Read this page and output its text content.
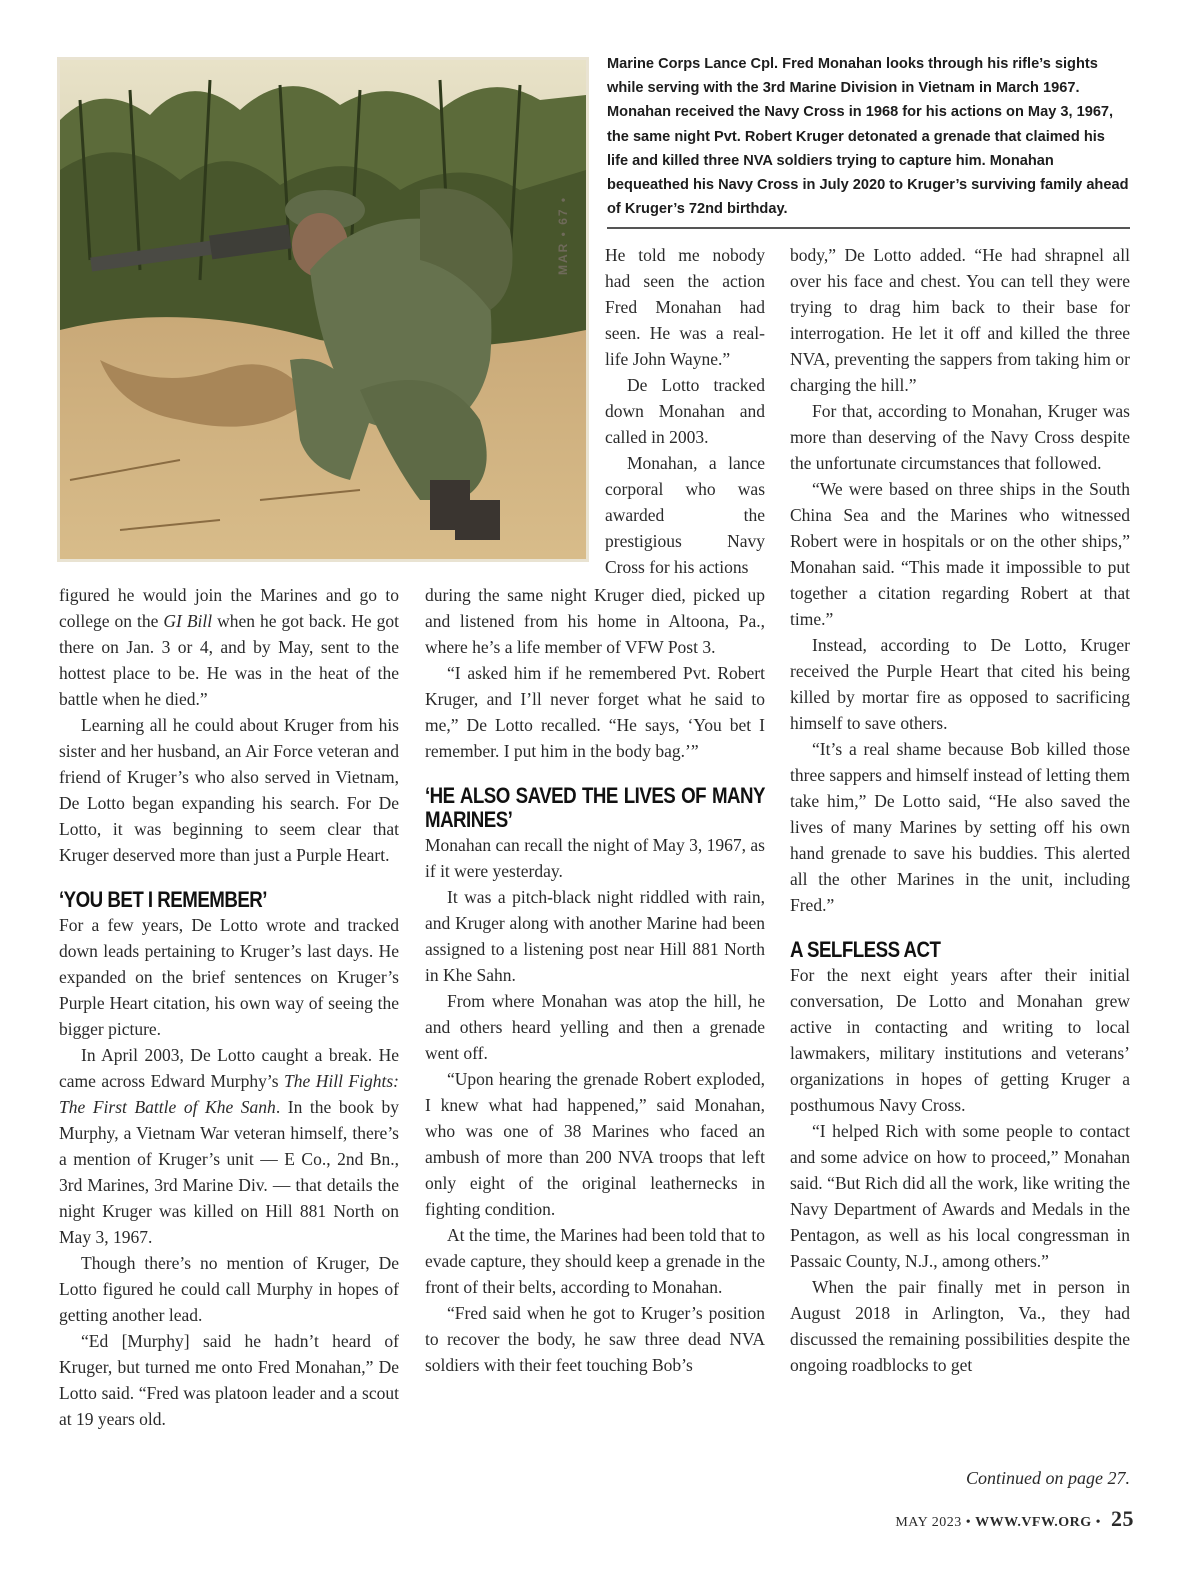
MAR • 67 •
Marine Corps Lance Cpl. Fred Monahan looks through his rifle’s sights while serving with the 3rd Marine Division in Vietnam in March 1967. Monahan received the Navy Cross in 1968 for his actions on May 3, 1967, the same night Pvt. Robert Kruger detonated a grenade that claimed his life and killed three NVA soldiers trying to capture him. Monahan bequeathed his Navy Cross in July 2020 to Kruger’s surviving family ahead of Kruger’s 72nd birthday.

figured he would join the Marines and go to college on the GI Bill when he got back. He got there on Jan. 3 or 4, and by May, sent to the hottest place to be. He was in the heat of the battle when he died.”

Learning all he could about Kruger from his sister and her husband, an Air Force veteran and friend of Kruger’s who also served in Vietnam, De Lotto began expanding his search. For De Lotto, it was beginning to seem clear that Kruger deserved more than just a Purple Heart.

‘YOU BET I REMEMBER’

For a few years, De Lotto wrote and tracked down leads pertaining to Kruger’s last days. He expanded on the brief sentences on Kruger’s Purple Heart citation, his own way of seeing the bigger picture.

In April 2003, De Lotto caught a break. He came across Edward Murphy’s The Hill Fights: The First Battle of Khe Sanh. In the book by Murphy, a Vietnam War veteran himself, there’s a mention of Kruger’s unit — E Co., 2nd Bn., 3rd Marines, 3rd Marine Div. — that details the night Kruger was killed on Hill 881 North on May 3, 1967.

Though there’s no mention of Kruger, De Lotto figured he could call Murphy in hopes of getting another lead.

“Ed [Murphy] said he hadn’t heard of Kruger, but turned me onto Fred Monahan,” De Lotto said. “Fred was platoon leader and a scout at 19 years old.

He told me nobody had seen the action Fred Monahan had seen. He was a real-life John Wayne.”

De Lotto tracked down Monahan and called in 2003.

Monahan, a lance corporal who was awarded the prestigious Navy Cross for his actions

during the same night Kruger died, picked up and listened from his home in Altoona, Pa., where he’s a life member of VFW Post 3.

“I asked him if he remembered Pvt. Robert Kruger, and I’ll never forget what he said to me,” De Lotto recalled. “He says, ‘You bet I remember. I put him in the body bag.’”

‘HE ALSO SAVED THE LIVES OF MANY MARINES’

Monahan can recall the night of May 3, 1967, as if it were yesterday.

It was a pitch-black night riddled with rain, and Kruger along with another Marine had been assigned to a listening post near Hill 881 North in Khe Sahn.

From where Monahan was atop the hill, he and others heard yelling and then a grenade went off.

“Upon hearing the grenade Robert exploded, I knew what had happened,” said Monahan, who was one of 38 Marines who faced an ambush of more than 200 NVA troops that left only eight of the original leathernecks in fighting condition.

At the time, the Marines had been told that to evade capture, they should keep a grenade in the front of their belts, according to Monahan.

“Fred said when he got to Kruger’s position to recover the body, he saw three dead NVA soldiers with their feet touching Bob’s

body,” De Lotto added. “He had shrapnel all over his face and chest. You can tell they were trying to drag him back to their base for interrogation. He let it off and killed the three NVA, preventing the sappers from taking him or charging the hill.”

For that, according to Monahan, Kruger was more than deserving of the Navy Cross despite the unfortunate circumstances that followed.

“We were based on three ships in the South China Sea and the Marines who witnessed Robert were in hospitals or on the other ships,” Monahan said. “This made it impossible to put together a citation regarding Robert at that time.”

Instead, according to De Lotto, Kruger received the Purple Heart that cited his being killed by mortar fire as opposed to sacrificing himself to save others.

“It’s a real shame because Bob killed those three sappers and himself instead of letting them take him,” De Lotto said, “He also saved the lives of many Marines by setting off his own hand grenade to save his buddies. This alerted all the other Marines in the unit, including Fred.”

A SELFLESS ACT

For the next eight years after their initial conversation, De Lotto and Monahan grew active in contacting and writing to local lawmakers, military institutions and veterans’ organizations in hopes of getting Kruger a posthumous Navy Cross.

“I helped Rich with some people to contact and some advice on how to proceed,” Monahan said. “But Rich did all the work, like writing the Navy Department of Awards and Medals in the Pentagon, as well as his local congressman in Passaic County, N.J., among others.”

When the pair finally met in person in August 2018 in Arlington, Va., they had discussed the remaining possibilities despite the ongoing roadblocks to get

Continued on page 27.
MAY 2023 • WWW.VFW.ORG • 25
